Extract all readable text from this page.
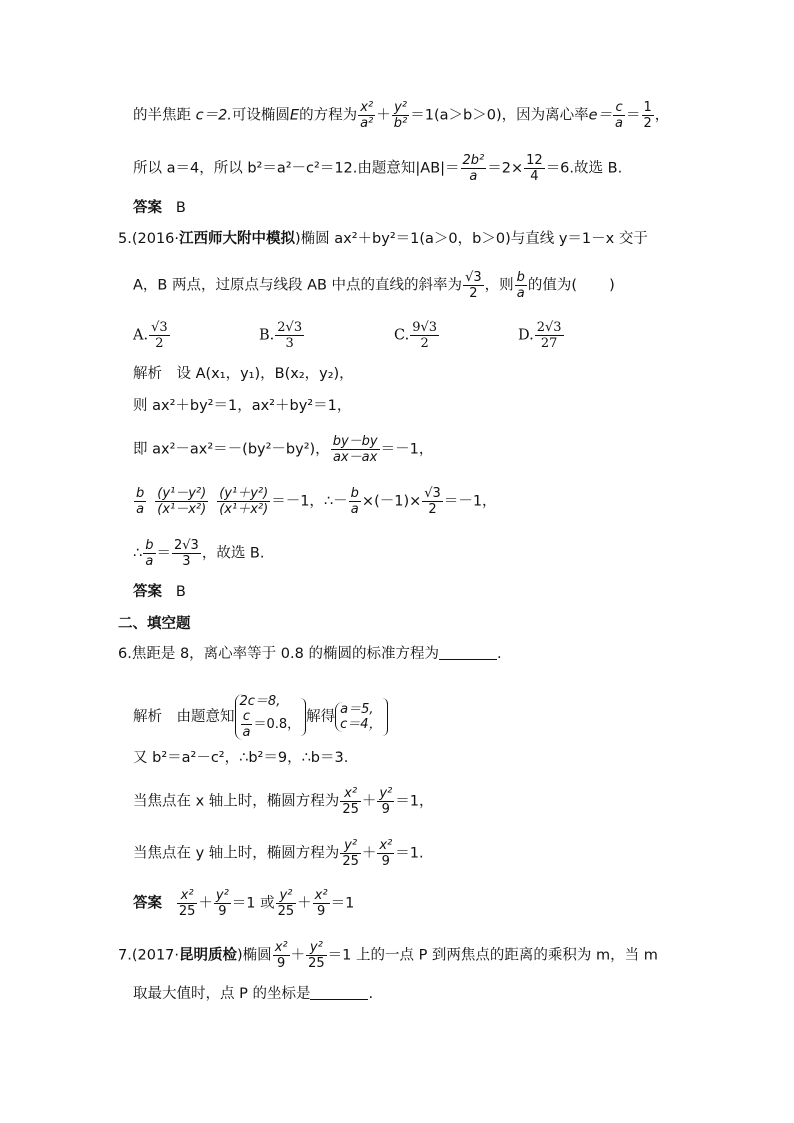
的半焦距 c＝2.可设椭圆E的方程为 $\frac{\text{x²}}{\text{a²}} + \frac{\text{y²}}{\text{b²}} =1(a>b>0)$，因为离心率$e= \frac{c}{a} = \frac{1}{2}$ ，
所以 a＝4，所以 b²＝a²－c²＝12.由题意知$|AB|= \frac{\text{2b²}}{a} =2\times \frac{12}{4} =6$.故选 B.
答案 B
5.(2016·江西师大附中模拟)椭圆 ax²＋by²＝1(a＞0，b＞0)与直线 y＝1－x 交于
A，B 两点，过原点与线段 AB 中点的直线的斜率为 $\frac{√3}{2}$ ，则 $\frac{b}{a}$ 的值为( )
A. $\frac{√3}{2}$	B. $\frac{2√3}{3}$	C. $\frac{9√3}{2}$	D. $\frac{2√3}{27}$
解析　设 A(x₁，y₁)，B(x₂，y₂)，
则 ax²＋by²＝1，ax²＋by²＝1，
即 ax²－ax²＝－(by²－by²)， $\frac{by-by}{ax-ax} =-1$，
$\frac{b}{a} \frac{\text{(y¹－y²)}}{\text{(x¹－x²)}} \frac{\text{(y¹＋y²)}}{\text{(x¹＋x²)}} =-1$，∴－ $\frac{b}{a} \times(-1)\times \frac{√3}{2} =-1$，
∴ $\frac{b}{a} = \frac{2√3}{3}$ ，故选 B.
答案 B
二、填空题
6.焦距是 8，离心率等于 0.8 的椭圆的标准方程为	.
解析　由题意知
2c＝8,
$\frac{c}{a} =0.8$， 解得 a＝5,
c＝4，
又 b²＝a²－c²，∴b²＝9，∴b＝3.
当焦点在 x 轴上时，椭圆方程为 $\frac{\text{x²}}{25} + \frac{\text{y²}}{9} =1$，
当焦点在 y 轴上时，椭圆方程为 $\frac{\text{y²}}{25} + \frac{\text{x²}}{9} =1$.
答案 $\frac{\text{x²}}{25} + \frac{\text{y²}}{9} =1$ 或 $\frac{\text{y²}}{25} + \frac{\text{x²}}{9} =1$
7.(2017·昆明质检)椭圆 $\frac{\text{x²}}{9} + \frac{\text{y²}}{25} =1$ 上的一点 P 到两焦点的距离的乘积为 m，当 m
取最大值时，点 P 的坐标是	.
